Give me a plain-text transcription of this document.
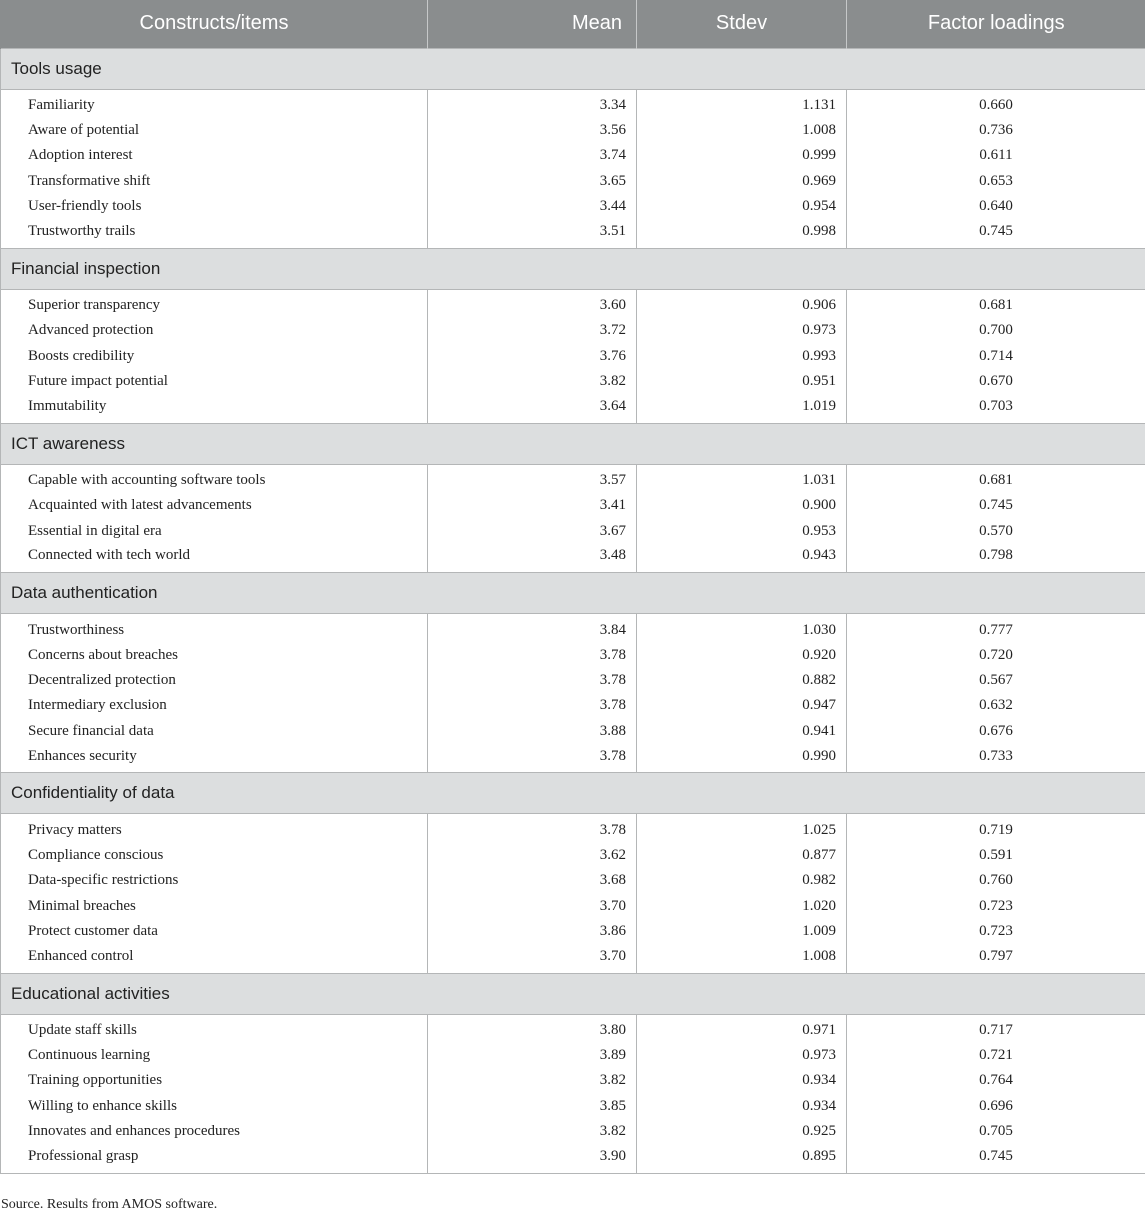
Constructs/items	Mean	Stdev	Factor loadings
Tools usage			
Familiarity	3.34	1.131	0.660
Aware of potential	3.56	1.008	0.736
Adoption interest	3.74	0.999	0.611
Transformative shift	3.65	0.969	0.653
User-friendly tools	3.44	0.954	0.640
Trustworthy trails	3.51	0.998	0.745
Financial inspection			
Superior transparency	3.60	0.906	0.681
Advanced protection	3.72	0.973	0.700
Boosts credibility	3.76	0.993	0.714
Future impact potential	3.82	0.951	0.670
Immutability	3.64	1.019	0.703
ICT awareness			
Capable with accounting software tools	3.57	1.031	0.681
Acquainted with latest advancements	3.41	0.900	0.745
Essential in digital era	3.67	0.953	0.570
Connected with tech world	3.48	0.943	0.798
Data authentication			
Trustworthiness	3.84	1.030	0.777
Concerns about breaches	3.78	0.920	0.720
Decentralized protection	3.78	0.882	0.567
Intermediary exclusion	3.78	0.947	0.632
Secure financial data	3.88	0.941	0.676
Enhances security	3.78	0.990	0.733
Confidentiality of data			
Privacy matters	3.78	1.025	0.719
Compliance conscious	3.62	0.877	0.591
Data-specific restrictions	3.68	0.982	0.760
Minimal breaches	3.70	1.020	0.723
Protect customer data	3.86	1.009	0.723
Enhanced control	3.70	1.008	0.797
Educational activities			
Update staff skills	3.80	0.971	0.717
Continuous learning	3.89	0.973	0.721
Training opportunities	3.82	0.934	0.764
Willing to enhance skills	3.85	0.934	0.696
Innovates and enhances procedures	3.82	0.925	0.705
Professional grasp	3.90	0.895	0.745

Source. Results from AMOS software.
